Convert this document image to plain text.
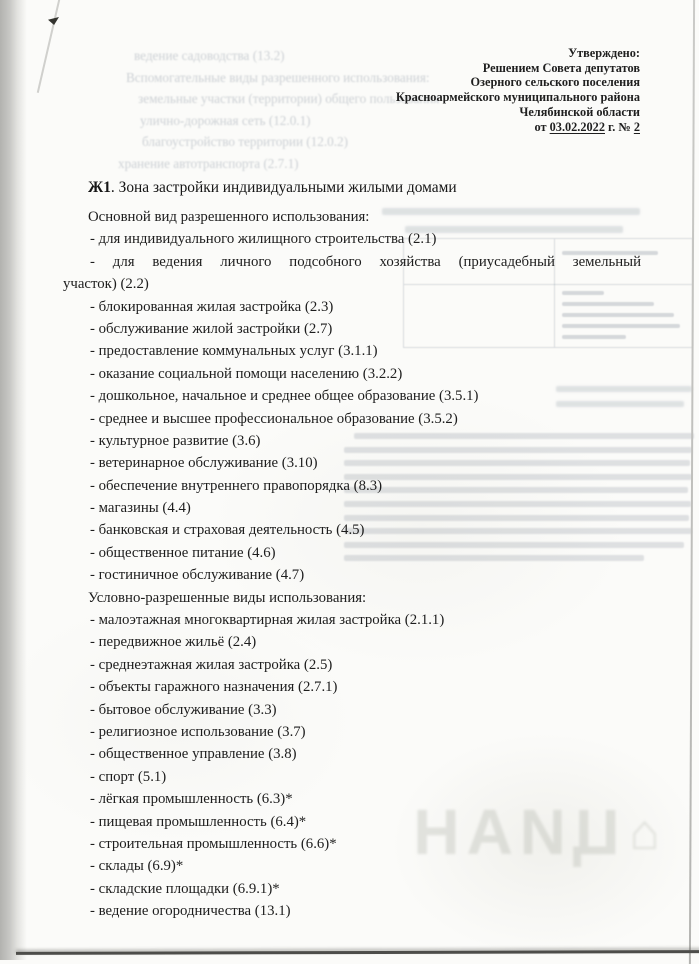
ведение садоводства (13.2)
Вспомогательные виды разрешенного использования:
земельные участки (территории) общего пользования
улично-дорожная сеть (12.0.1)
благоустройство территории (12.0.2)
хранение автотранспорта (2.7.1)
⌂
ЦИАН
Утверждено:
Решением Совета депутатов
Озерного сельского поселения
Красноармейского муниципального района
Челябинской области
от 03.02.2022 г. № 2
Ж1. Зона застройки индивидуальными жилыми домами
Основной вид разрешенного использования:
- для индивидуального жилищного строительства (2.1)
- для ведения личного подсобного хозяйства (приусадебный земельный
участок) (2.2)
- блокированная жилая застройка (2.3)
- обслуживание жилой застройки (2.7)
- предоставление коммунальных услуг (3.1.1)
- оказание социальной помощи населению (3.2.2)
- дошкольное, начальное и среднее общее образование (3.5.1)
- среднее и высшее профессиональное образование (3.5.2)
- культурное развитие (3.6)
- ветеринарное обслуживание (3.10)
- обеспечение внутреннего правопорядка (8.3)
- магазины (4.4)
- банковская и страховая деятельность (4.5)
- общественное питание (4.6)
- гостиничное обслуживание (4.7)
Условно-разрешенные виды использования:
- малоэтажная многоквартирная жилая застройка (2.1.1)
- передвижное жильё (2.4)
- среднеэтажная жилая застройка (2.5)
- объекты гаражного назначения (2.7.1)
- бытовое обслуживание (3.3)
- религиозное использование (3.7)
- общественное управление (3.8)
- спорт (5.1)
- лёгкая промышленность (6.3)*
- пищевая промышленность (6.4)*
- строительная промышленность (6.6)*
- склады (6.9)*
- складские площадки (6.9.1)*
- ведение огородничества (13.1)
